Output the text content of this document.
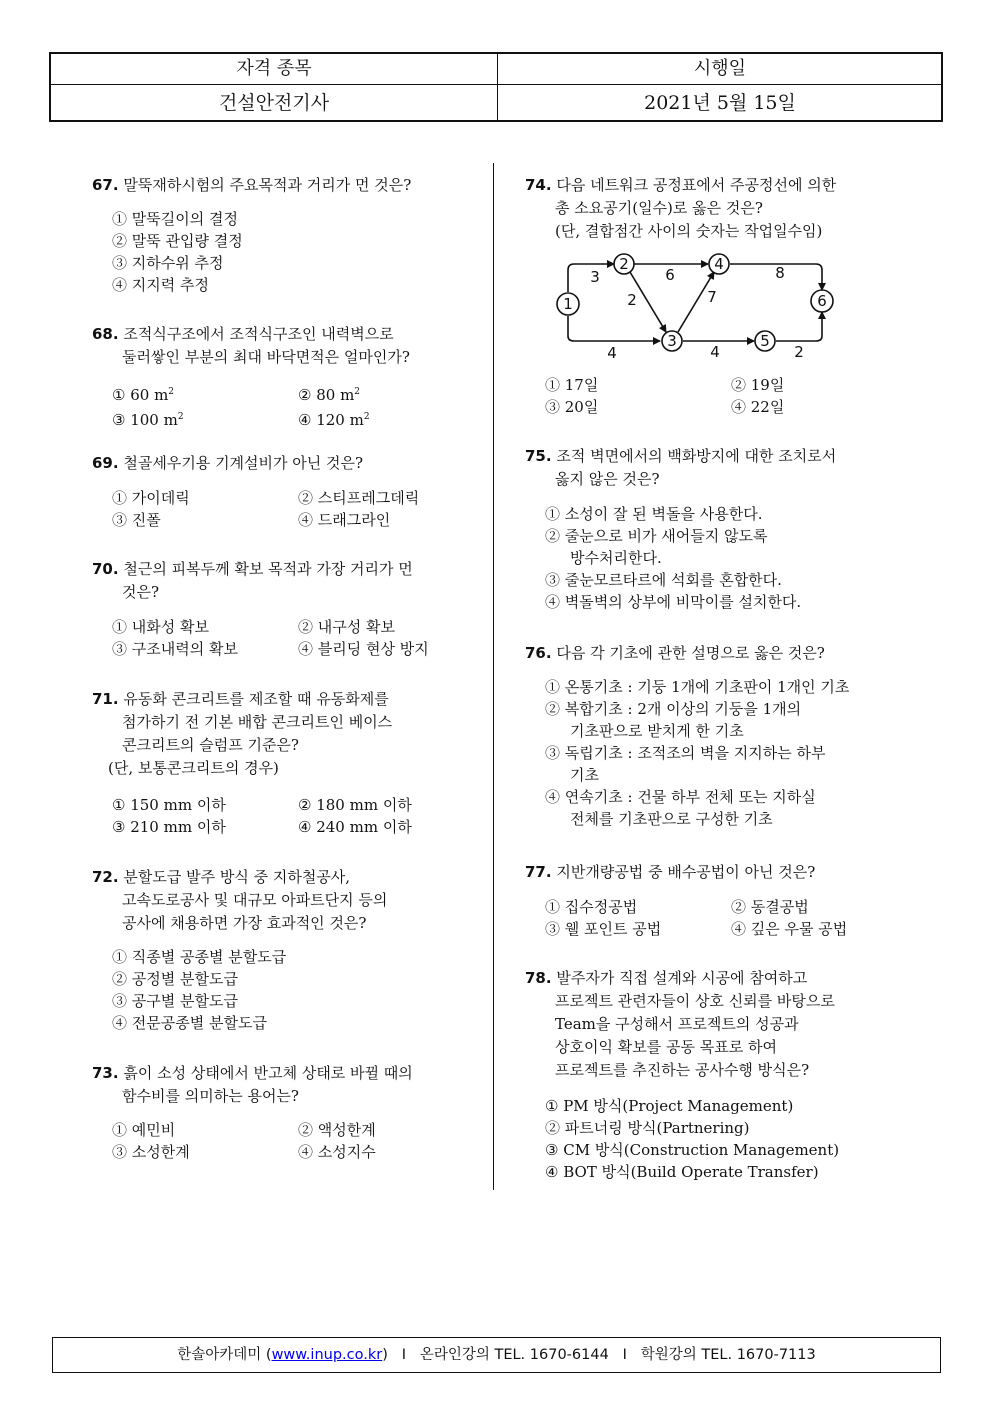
자격 종목	시행일
건설안전기사	2021년 5월 15일
67. 말뚝재하시험의 주요목적과 거리가 먼 것은?
① 말뚝길이의 결정
② 말뚝 관입량 결정
③ 지하수위 추정
④ 지지력 추정
68. 조적식구조에서 조적식구조인 내력벽으로
둘러쌓인 부분의 최대 바닥면적은 얼마인가?
① 60 $m^2$	② 80 $m^2$
③ 100 $m^2$	④ 120 $m^2$
69. 철골세우기용 기계설비가 아닌 것은?
① 가이데릭	② 스티프레그데릭
③ 진폴	④ 드래그라인
70. 철근의 피복두께 확보 목적과 가장 거리가 먼
것은?
① 내화성 확보	② 내구성 확보
③ 구조내력의 확보	④ 블리딩 현상 방지
71. 유동화 콘크리트를 제조할 때 유동화제를
첨가하기 전 기본 배합 콘크리트인 베이스
콘크리트의 슬럼프 기준은?
(단, 보통콘크리트의 경우)
① 150 mm 이하	② 180 mm 이하
③ 210 mm 이하	④ 240 mm 이하
72. 분할도급 발주 방식 중 지하철공사,
고속도로공사 및 대규모 아파트단지 등의
공사에 채용하면 가장 효과적인 것은?
① 직종별 공종별 분할도급
② 공정별 분할도급
③ 공구별 분할도급
④ 전문공종별 분할도급
73. 흙이 소성 상태에서 반고체 상태로 바뀔 때의
함수비를 의미하는 용어는?
① 예민비	② 액성한계
③ 소성한계	④ 소성지수
74. 다음 네트워크 공정표에서 주공정선에 의한
총 소요공기(일수)로 옳은 것은?
(단, 결합점간 사이의 숫자는 작업일수임)
1
2
3
4
5
6
3	6	8
2	7
4	4	2
① 17일	② 19일
③ 20일	④ 22일
75. 조적 벽면에서의 백화방지에 대한 조치로서
옳지 않은 것은?
① 소성이 잘 된 벽돌을 사용한다.
② 줄눈으로 비가 새어들지 않도록
방수처리한다.
③ 줄눈모르타르에 석회를 혼합한다.
④ 벽돌벽의 상부에 비막이를 설치한다.
76. 다음 각 기초에 관한 설명으로 옳은 것은?
① 온통기초 : 기둥 1개에 기초판이 1개인 기초
② 복합기초 : 2개 이상의 기둥을 1개의
기초판으로 받치게 한 기초
③ 독립기초 : 조적조의 벽을 지지하는 하부
기초
④ 연속기초 : 건물 하부 전체 또는 지하실
전체를 기초판으로 구성한 기초
77. 지반개량공법 중 배수공법이 아닌 것은?
① 집수정공법	② 동결공법
③ 웰 포인트 공법	④ 깊은 우물 공법
78. 발주자가 직접 설계와 시공에 참여하고
프로젝트 관련자들이 상호 신뢰를 바탕으로
Team을 구성해서 프로젝트의 성공과
상호이익 확보를 공동 목표로 하여
프로젝트를 추진하는 공사수행 방식은?
① PM 방식(Project Management)
② 파트너링 방식(Partnering)
③ CM 방식(Construction Management)
④ BOT 방식(Build Operate Transfer)
한솔아카데미 (www.inup.co.kr) I 온라인강의 TEL. 1670-6144 I 학원강의 TEL. 1670-7113
